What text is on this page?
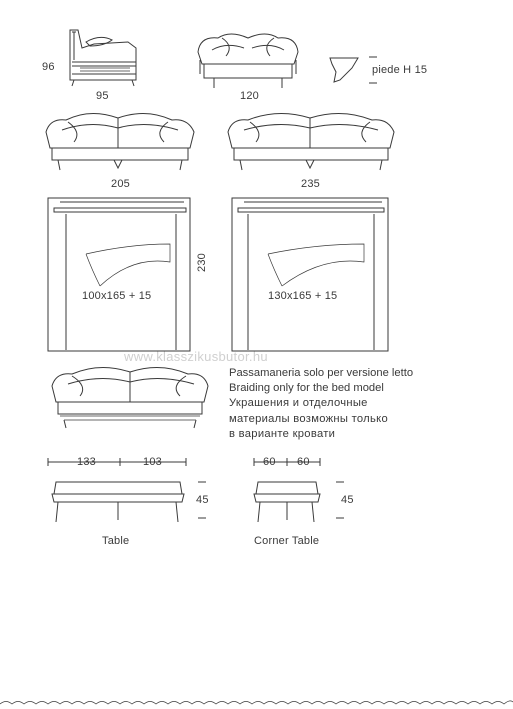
96
95	120
piede H 15
205	235
230
100x165 + 15	130x165 + 15
www.klasszikusbutor.hu
Passamaneria solo per versione letto
Braiding only for the bed model
Украшения и отделочные
материалы возможны только
в варианте кровати
133	103
45
60 60
45
Table	Corner Table
